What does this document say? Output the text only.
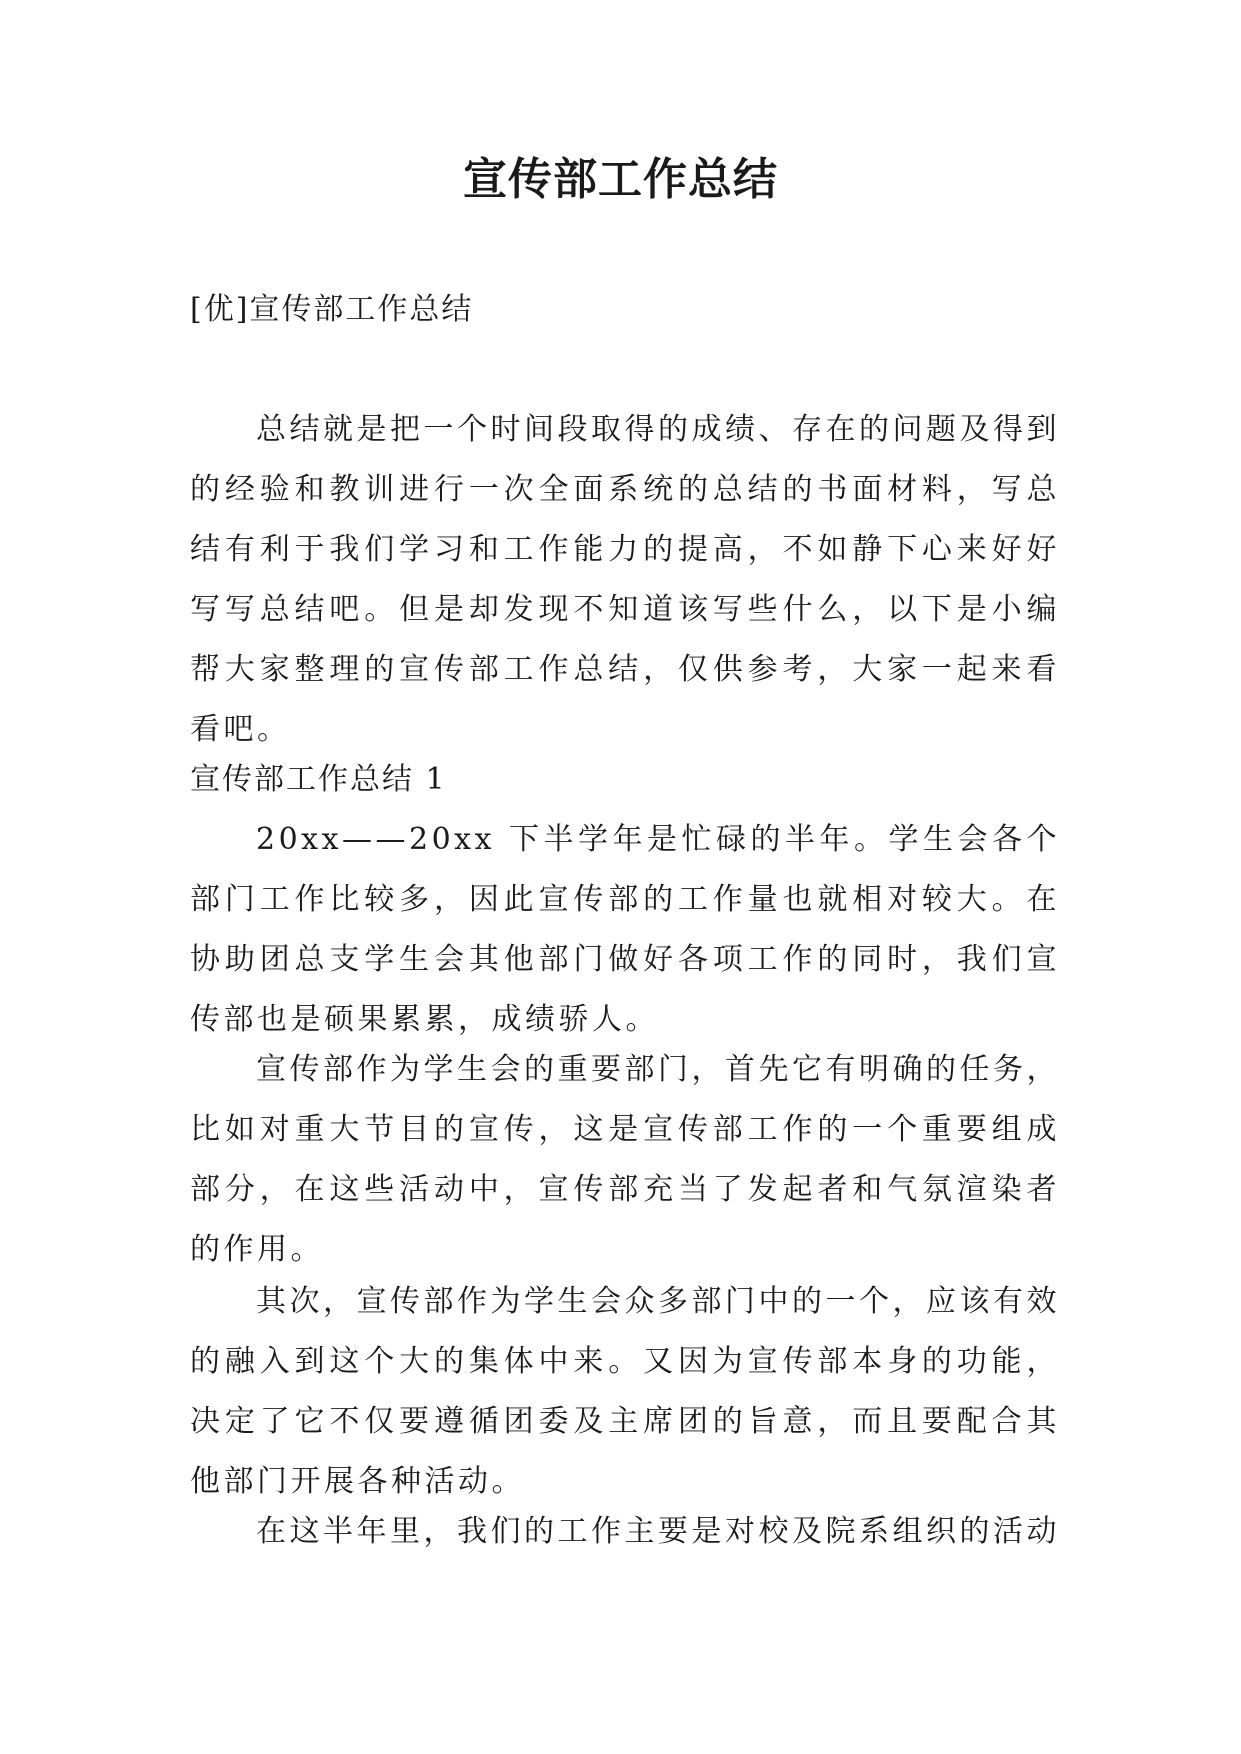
宣传部工作总结
[优]宣传部工作总结

总结就是把一个时间段取得的成绩、存在的问题及得到的经验和教训进行一次全面系统的总结的书面材料，写总结有利于我们学习和工作能力的提高，不如静下心来好好写写总结吧。但是却发现不知道该写些什么，以下是小编帮大家整理的宣传部工作总结，仅供参考，大家一起来看看吧。

宣传部工作总结 1

20xx——20xx 下半学年是忙碌的半年。学生会各个部门工作比较多，因此宣传部的工作量也就相对较大。在协助团总支学生会其他部门做好各项工作的同时，我们宣传部也是硕果累累，成绩骄人。

宣传部作为学生会的重要部门，首先它有明确的任务，比如对重大节目的宣传，这是宣传部工作的一个重要组成部分，在这些活动中，宣传部充当了发起者和气氛渲染者的作用。

其次，宣传部作为学生会众多部门中的一个，应该有效的融入到这个大的集体中来。又因为宣传部本身的功能，决定了它不仅要遵循团委及主席团的旨意，而且要配合其他部门开展各种活动。

在这半年里，我们的工作主要是对校及院系组织的活动
